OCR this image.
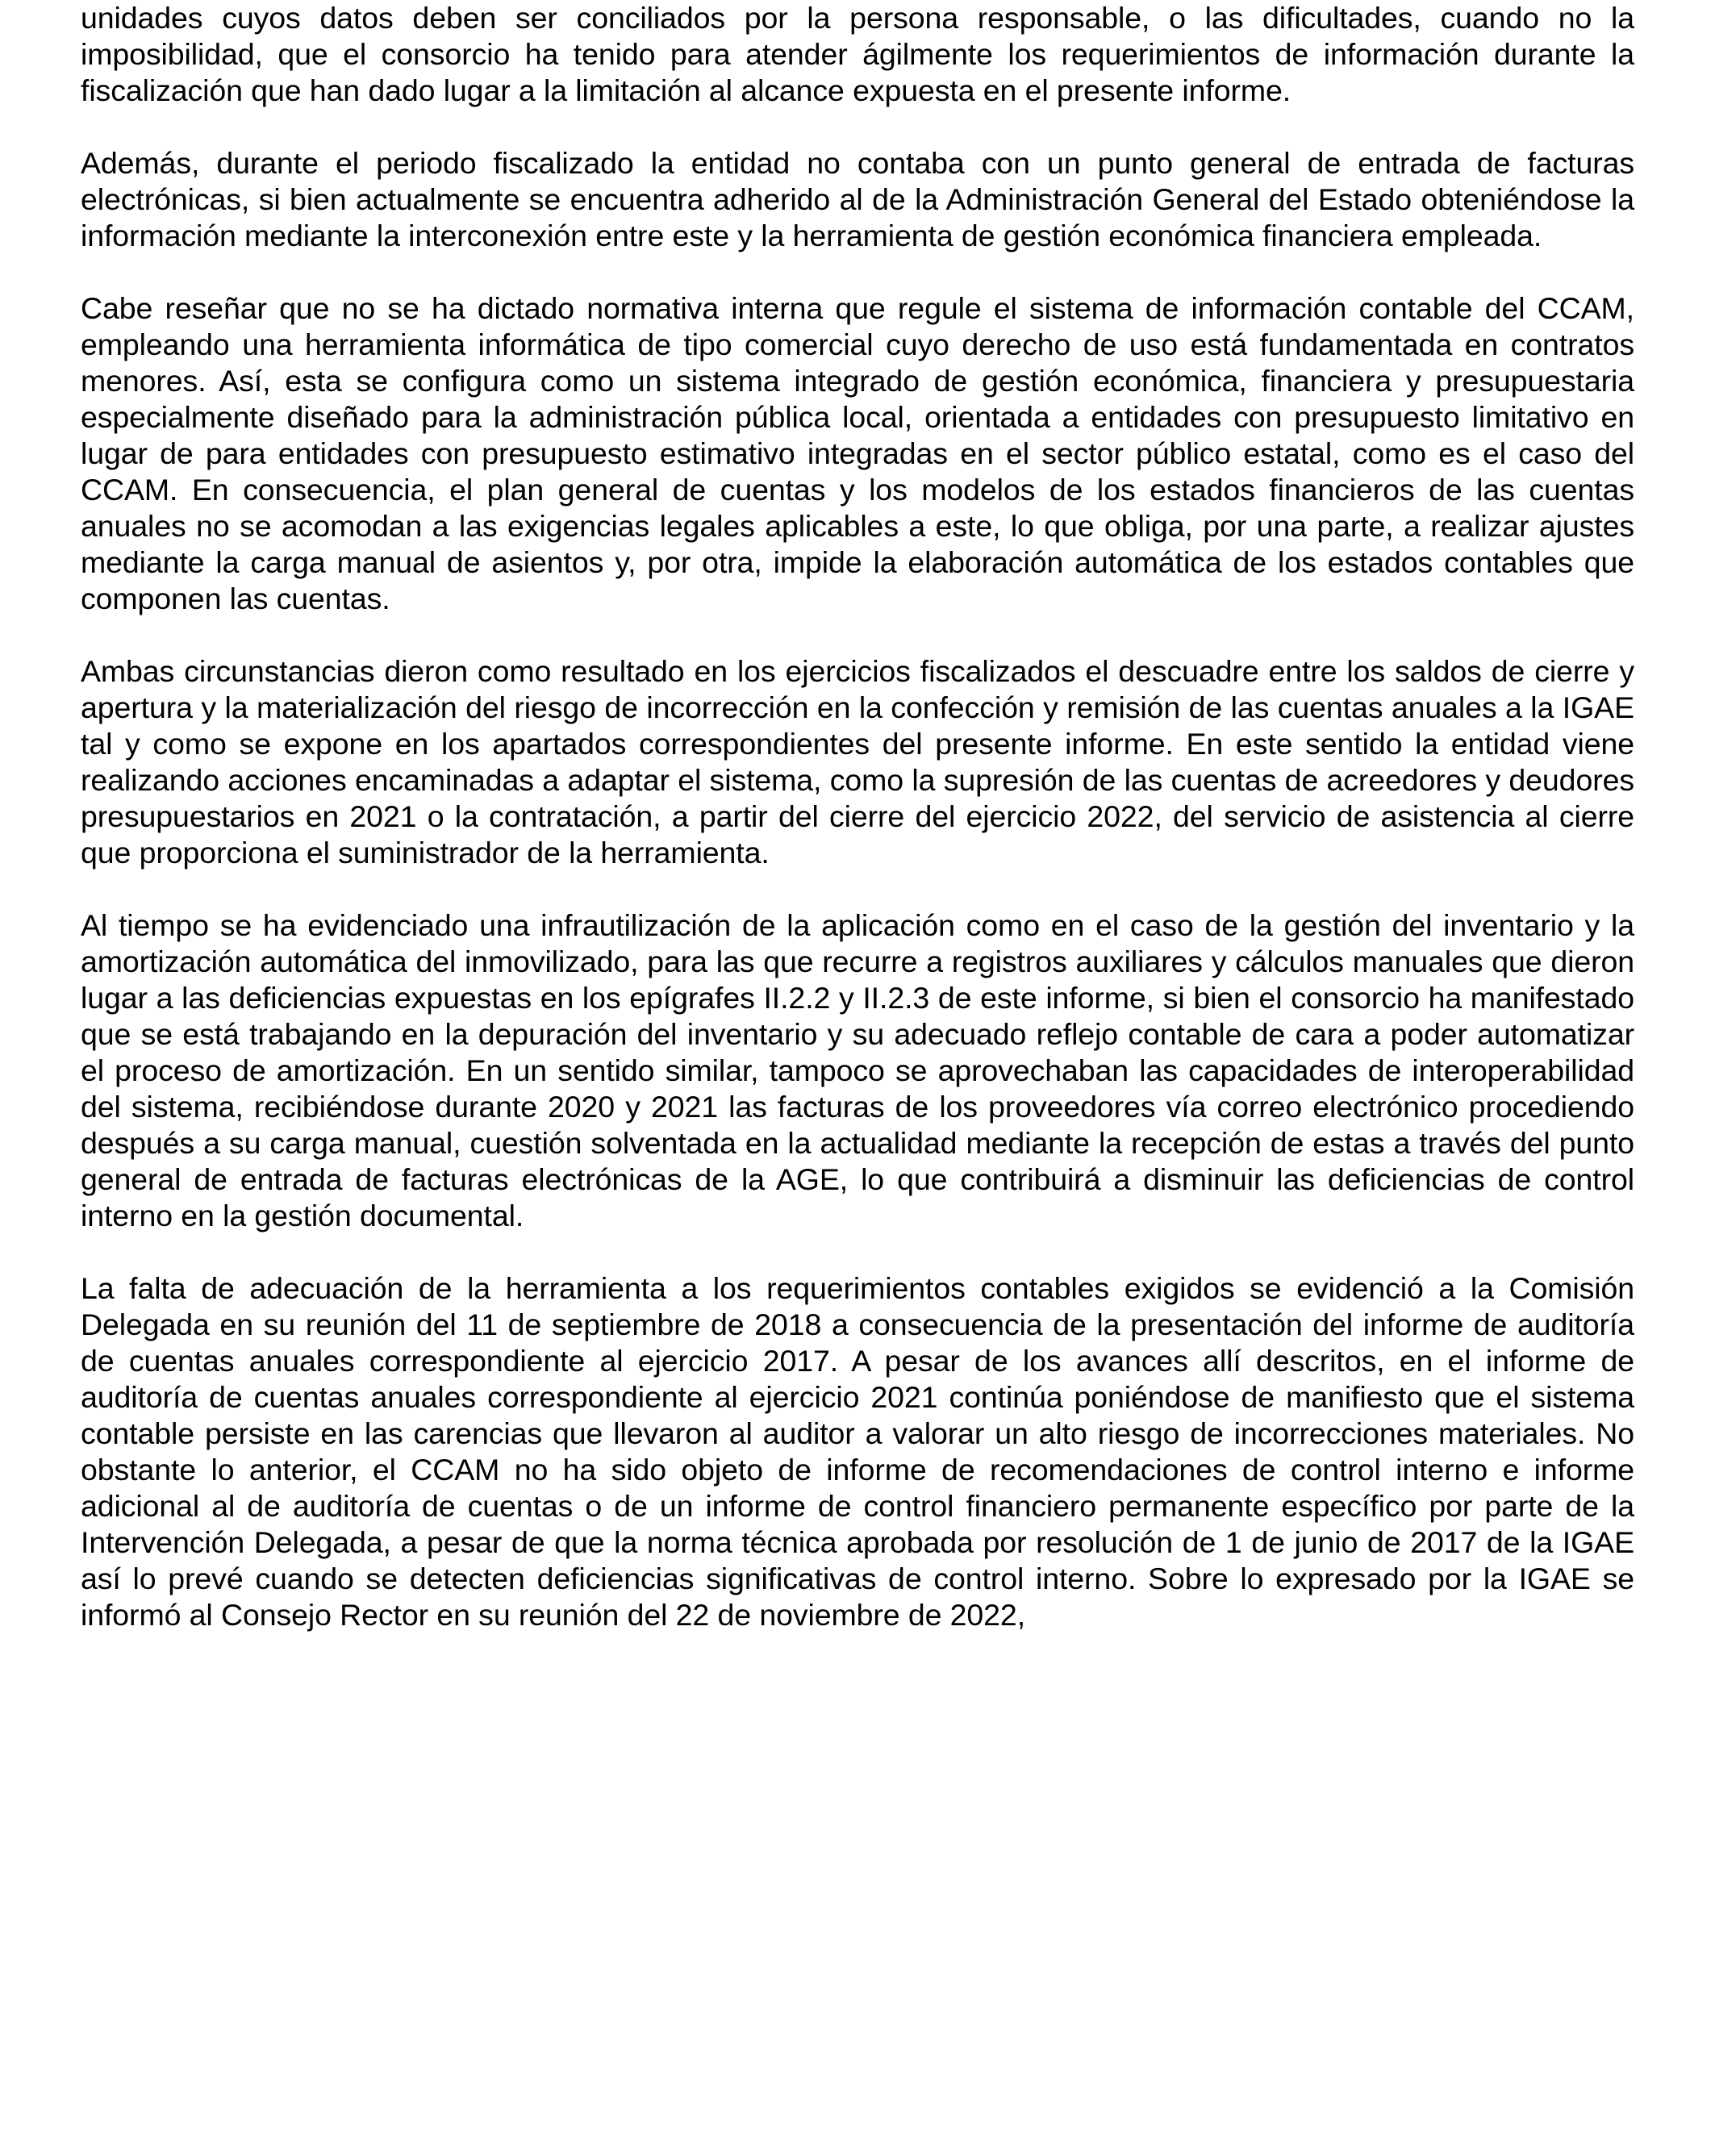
unidades cuyos datos deben ser conciliados por la persona responsable, o las dificultades, cuando no la imposibilidad, que el consorcio ha tenido para atender ágilmente los requerimientos de información durante la fiscalización que han dado lugar a la limitación al alcance expuesta en el presente informe.

Además, durante el periodo fiscalizado la entidad no contaba con un punto general de entrada de facturas electrónicas, si bien actualmente se encuentra adherido al de la Administración General del Estado obteniéndose la información mediante la interconexión entre este y la herramienta de gestión económica financiera empleada.

Cabe reseñar que no se ha dictado normativa interna que regule el sistema de información contable del CCAM, empleando una herramienta informática de tipo comercial cuyo derecho de uso está fundamentada en contratos menores. Así, esta se configura como un sistema integrado de gestión económica, financiera y presupuestaria especialmente diseñado para la administración pública local, orientada a entidades con presupuesto limitativo en lugar de para entidades con presupuesto estimativo integradas en el sector público estatal, como es el caso del CCAM. En consecuencia, el plan general de cuentas y los modelos de los estados financieros de las cuentas anuales no se acomodan a las exigencias legales aplicables a este, lo que obliga, por una parte, a realizar ajustes mediante la carga manual de asientos y, por otra, impide la elaboración automática de los estados contables que componen las cuentas.

Ambas circunstancias dieron como resultado en los ejercicios fiscalizados el descuadre entre los saldos de cierre y apertura y la materialización del riesgo de incorrección en la confección y remisión de las cuentas anuales a la IGAE tal y como se expone en los apartados correspondientes del presente informe. En este sentido la entidad viene realizando acciones encaminadas a adaptar el sistema, como la supresión de las cuentas de acreedores y deudores presupuestarios en 2021 o la contratación, a partir del cierre del ejercicio 2022, del servicio de asistencia al cierre que proporciona el suministrador de la herramienta.

Al tiempo se ha evidenciado una infrautilización de la aplicación como en el caso de la gestión del inventario y la amortización automática del inmovilizado, para las que recurre a registros auxiliares y cálculos manuales que dieron lugar a las deficiencias expuestas en los epígrafes II.2.2 y II.2.3 de este informe, si bien el consorcio ha manifestado que se está trabajando en la depuración del inventario y su adecuado reflejo contable de cara a poder automatizar el proceso de amortización. En un sentido similar, tampoco se aprovechaban las capacidades de interoperabilidad del sistema, recibiéndose durante 2020 y 2021 las facturas de los proveedores vía correo electrónico procediendo después a su carga manual, cuestión solventada en la actualidad mediante la recepción de estas a través del punto general de entrada de facturas electrónicas de la AGE, lo que contribuirá a disminuir las deficiencias de control interno en la gestión documental.

La falta de adecuación de la herramienta a los requerimientos contables exigidos se evidenció a la Comisión Delegada en su reunión del 11 de septiembre de 2018 a consecuencia de la presentación del informe de auditoría de cuentas anuales correspondiente al ejercicio 2017. A pesar de los avances allí descritos, en el informe de auditoría de cuentas anuales correspondiente al ejercicio 2021 continúa poniéndose de manifiesto que el sistema contable persiste en las carencias que llevaron al auditor a valorar un alto riesgo de incorrecciones materiales. No obstante lo anterior, el CCAM no ha sido objeto de informe de recomendaciones de control interno e informe adicional al de auditoría de cuentas o de un informe de control financiero permanente específico por parte de la Intervención Delegada, a pesar de que la norma técnica aprobada por resolución de 1 de junio de 2017 de la IGAE así lo prevé cuando se detecten deficiencias significativas de control interno. Sobre lo expresado por la IGAE se informó al Consejo Rector en su reunión del 22 de noviembre de 2022,
